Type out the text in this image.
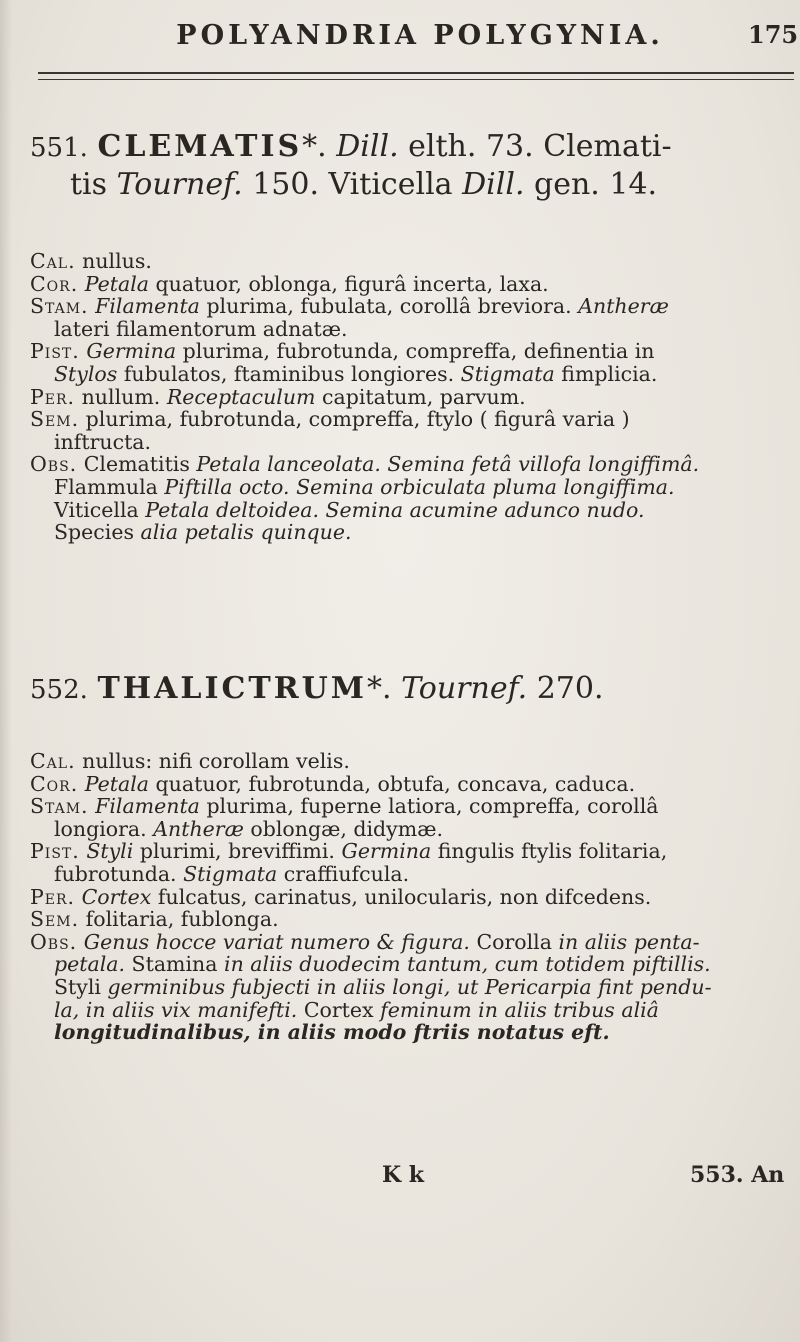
POLYANDRIA POLYGYNIA.	175
551. CLEMATIS*. Dill. elth. 73. Clemati-
tis Tournef. 150. Viticella Dill. gen. 14.
Cal. nullus.
Cor. Petala quatuor, oblonga, figurâ incerta, laxa.
Stam. Filamenta plurima, fubulata, corollâ breviora. Antheræ
lateri filamentorum adnatæ.
Pist. Germina plurima, fubrotunda, compreffa, definentia in
Stylos fubulatos, ftaminibus longiores. Stigmata fimplicia.
Per. nullum. Receptaculum capitatum, parvum.
Sem. plurima, fubrotunda, compreffa, ftylo ( figurâ varia )
inftructa.
Obs. Clematitis Petala lanceolata. Semina fetâ villofa longiffimâ.
Flammula Piftilla octo. Semina orbiculata pluma longiffima.
Viticella Petala deltoidea. Semina acumine adunco nudo.
Species alia petalis quinque.
552. THALICTRUM*. Tournef. 270.
Cal. nullus: nifi corollam velis.
Cor. Petala quatuor, fubrotunda, obtufa, concava, caduca.
Stam. Filamenta plurima, fuperne latiora, compreffa, corollâ
longiora. Antheræ oblongæ, didymæ.
Pist. Styli plurimi, breviffimi. Germina fingulis ftylis folitaria,
fubrotunda. Stigmata craffiufcula.
Per. Cortex fulcatus, carinatus, unilocularis, non difcedens.
Sem. folitaria, fublonga.
Obs. Genus hocce variat numero & figura. Corolla in aliis penta-
petala. Stamina in aliis duodecim tantum, cum totidem piftillis.
Styli germinibus fubjecti in aliis longi, ut Pericarpia fint pendu-
la, in aliis vix manifefti. Cortex feminum in aliis tribus aliâ
longitudinalibus, in aliis modo ftriis notatus eft.
K k	553. An
